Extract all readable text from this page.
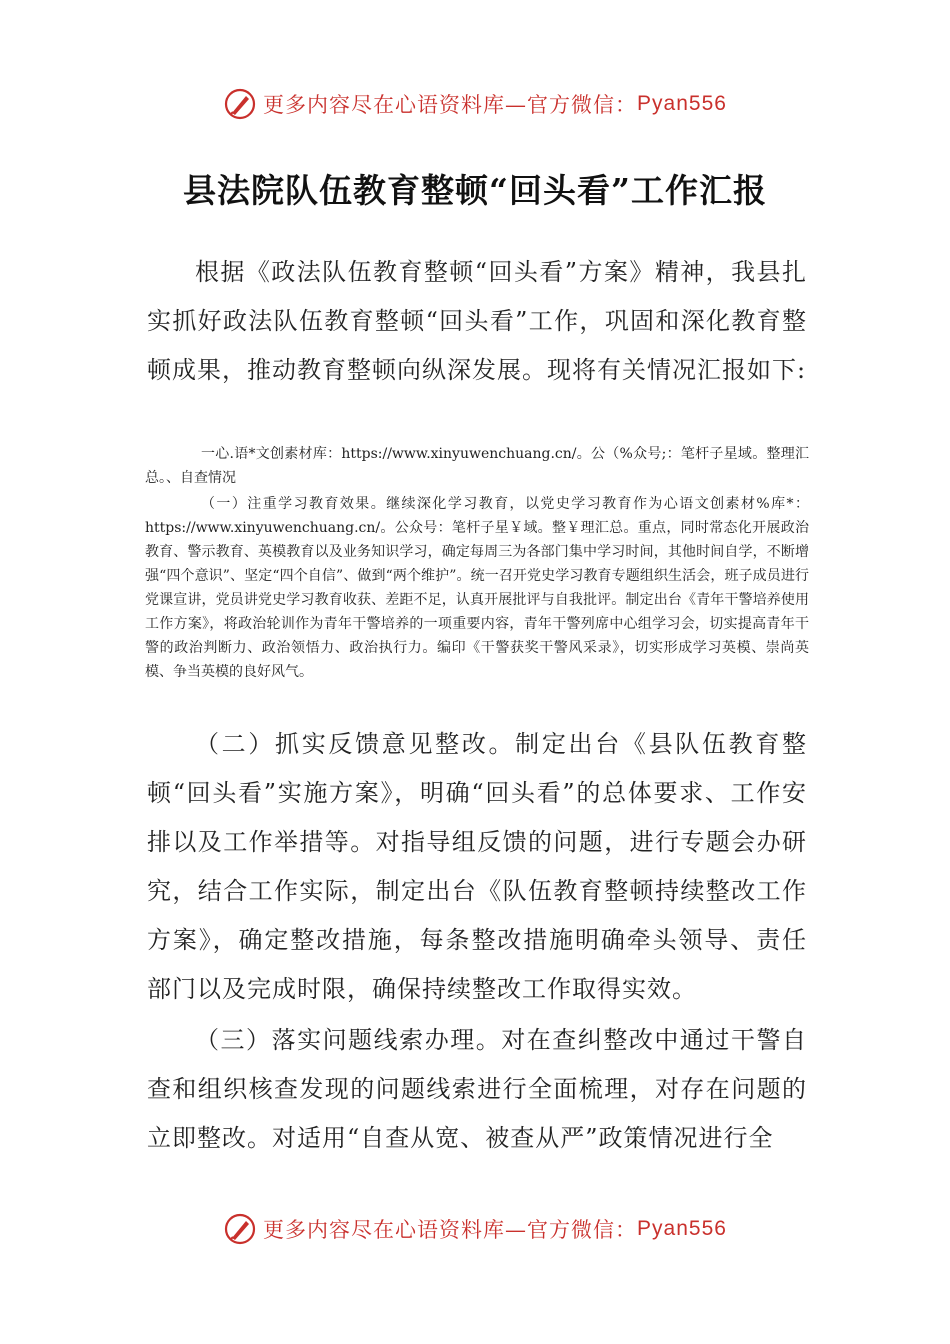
更多内容尽在心语资料库—官方微信： Pyan556
县法院队伍教育整顿“回头看”工作汇报

根据《政法队伍教育整顿“回头看”方案》精神，我县扎实抓好政法队伍教育整顿“回头看”工作，巩固和深化教育整顿成果，推动教育整顿向纵深发展。现将有关情况汇报如下:

一心.语*文创素材库：https://www.xinyuwenchuang.cn/。公（%众号;：笔杆子星域。整理汇总。、自查情况

（一）注重学习教育效果。继续深化学习教育，以党史学习教育作为心语文创素材%库*：https://www.xinyuwenchuang.cn/。公众号：笔杆子星￥域。整￥理汇总。重点，同时常态化开展政治教育、警示教育、英模教育以及业务知识学习，确定每周三为各部门集中学习时间，其他时间自学，不断增强“四个意识”、坚定“四个自信”、做到“两个维护”。统一召开党史学习教育专题组织生活会，班子成员进行党课宣讲，党员讲党史学习教育收获、差距不足，认真开展批评与自我批评。制定出台《青年干警培养使用工作方案》，将政治轮训作为青年干警培养的一项重要内容，青年干警列席中心组学习会，切实提高青年干警的政治判断力、政治领悟力、政治执行力。编印《干警获奖干警风采录》，切实形成学习英模、崇尚英模、争当英模的良好风气。

（二）抓实反馈意见整改。制定出台《县队伍教育整顿“回头看”实施方案》，明确“回头看”的总体要求、工作安排以及工作举措等。对指导组反馈的问题，进行专题会办研究，结合工作实际，制定出台《队伍教育整顿持续整改工作方案》，确定整改措施，每条整改措施明确牵头领导、责任部门以及完成时限，确保持续整改工作取得实效。

（三）落实问题线索办理。对在查纠整改中通过干警自查和组织核查发现的问题线索进行全面梳理，对存在问题的立即整改。对适用“自查从宽、被查从严”政策情况进行全

更多内容尽在心语资料库—官方微信： Pyan556
